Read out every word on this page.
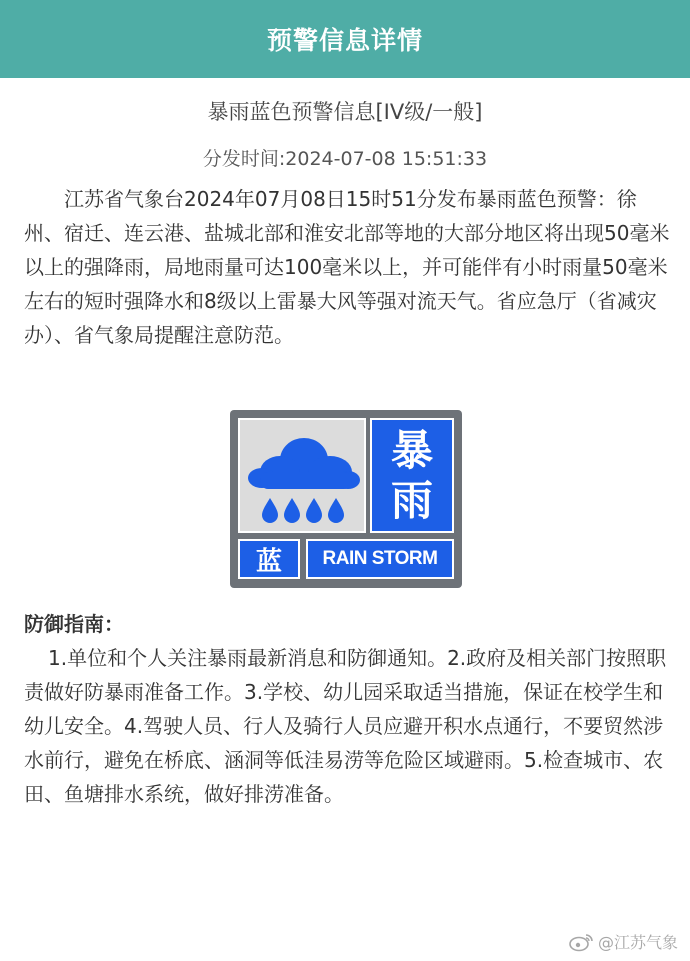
预警信息详情
暴雨蓝色预警信息[IV级/一般]
分发时间:2024-07-08 15:51:33

江苏省气象台2024年07月08日15时51分发布暴雨蓝色预警：徐州、宿迁、连云港、盐城北部和淮安北部等地的大部分地区将出现50毫米以上的强降雨，局地雨量可达100毫米以上，并可能伴有小时雨量50毫米左右的短时强降水和8级以上雷暴大风等强对流天气。省应急厅（省减灾办）、省气象局提醒注意防范。

暴
雨
蓝 RAIN STORM
防御指南：

1.单位和个人关注暴雨最新消息和防御通知。2.政府及相关部门按照职责做好防暴雨准备工作。3.学校、幼儿园采取适当措施，保证在校学生和幼儿安全。4.驾驶人员、行人及骑行人员应避开积水点通行，不要贸然涉水前行，避免在桥底、涵洞等低洼易涝等危险区域避雨。5.检查城市、农田、鱼塘排水系统，做好排涝准备。

@江苏气象
